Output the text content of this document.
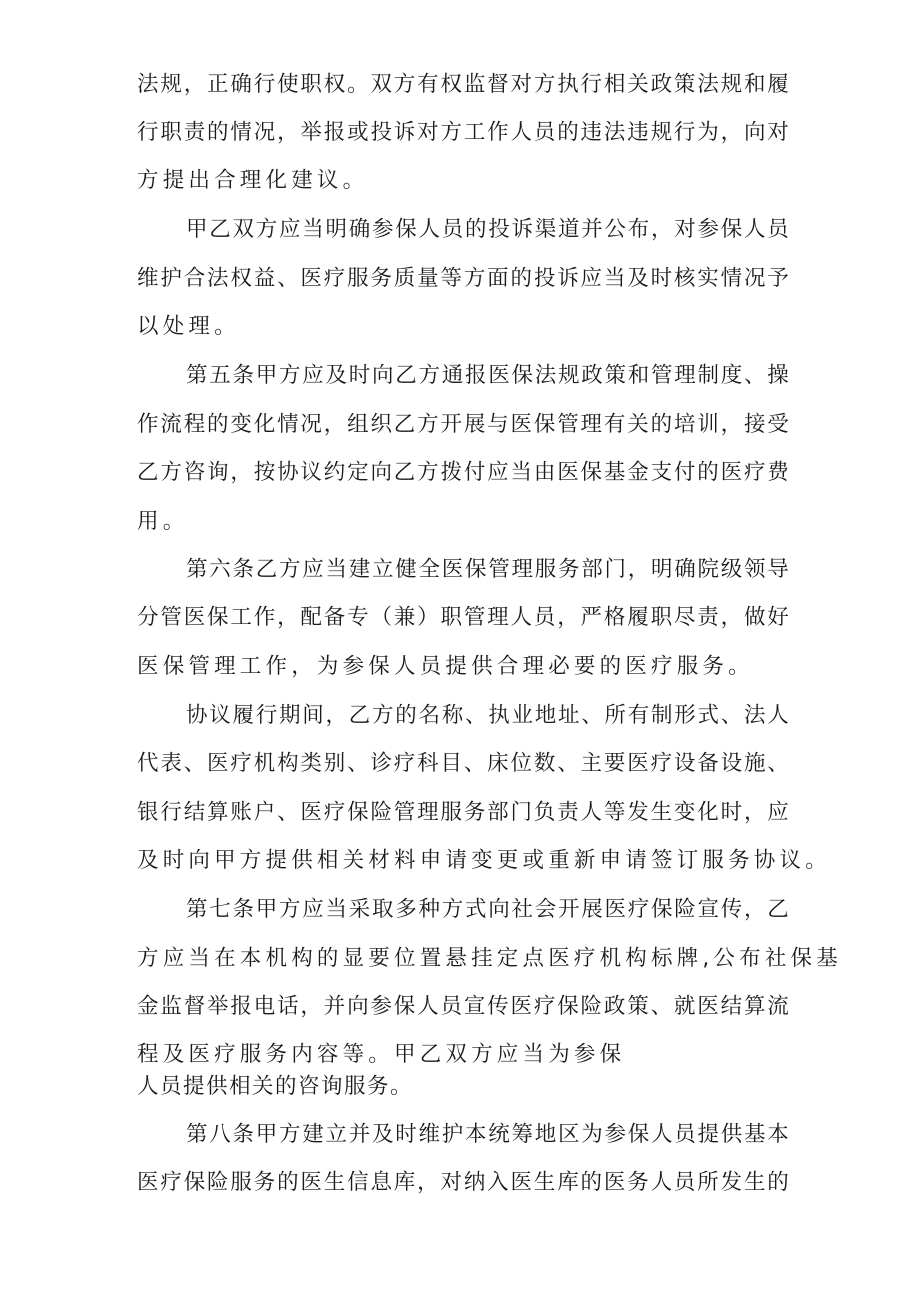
法规，正确行使职权。双方有权监督对方执行相关政策法规和履
行职责的情况，举报或投诉对方工作人员的违法违规行为，向对
方提出合理化建议。
甲乙双方应当明确参保人员的投诉渠道并公布，对参保人员
维护合法权益、医疗服务质量等方面的投诉应当及时核实情况予
以处理。
第五条甲方应及时向乙方通报医保法规政策和管理制度、操
作流程的变化情况，组织乙方开展与医保管理有关的培训，接受
乙方咨询，按协议约定向乙方拨付应当由医保基金支付的医疗费
用。
第六条乙方应当建立健全医保管理服务部门，明确院级领导
分管医保工作，配备专（兼）职管理人员，严格履职尽责，做好
医保管理工作，为参保人员提供合理必要的医疗服务。
协议履行期间，乙方的名称、执业地址、所有制形式、法人
代表、医疗机构类别、诊疗科目、床位数、主要医疗设备设施、
银行结算账户、医疗保险管理服务部门负责人等发生变化时，应
及时向甲方提供相关材料申请变更或重新申请签订服务协议。
第七条甲方应当采取多种方式向社会开展医疗保险宣传，乙
方应当在本机构的显要位置悬挂定点医疗机构标牌,公布社保基
金监督举报电话，并向参保人员宣传医疗保险政策、就医结算流
程及医疗服务内容等。甲乙双方应当为参保
人员提供相关的咨询服务。
第八条甲方建立并及时维护本统筹地区为参保人员提供基本
医疗保险服务的医生信息库，对纳入医生库的医务人员所发生的
